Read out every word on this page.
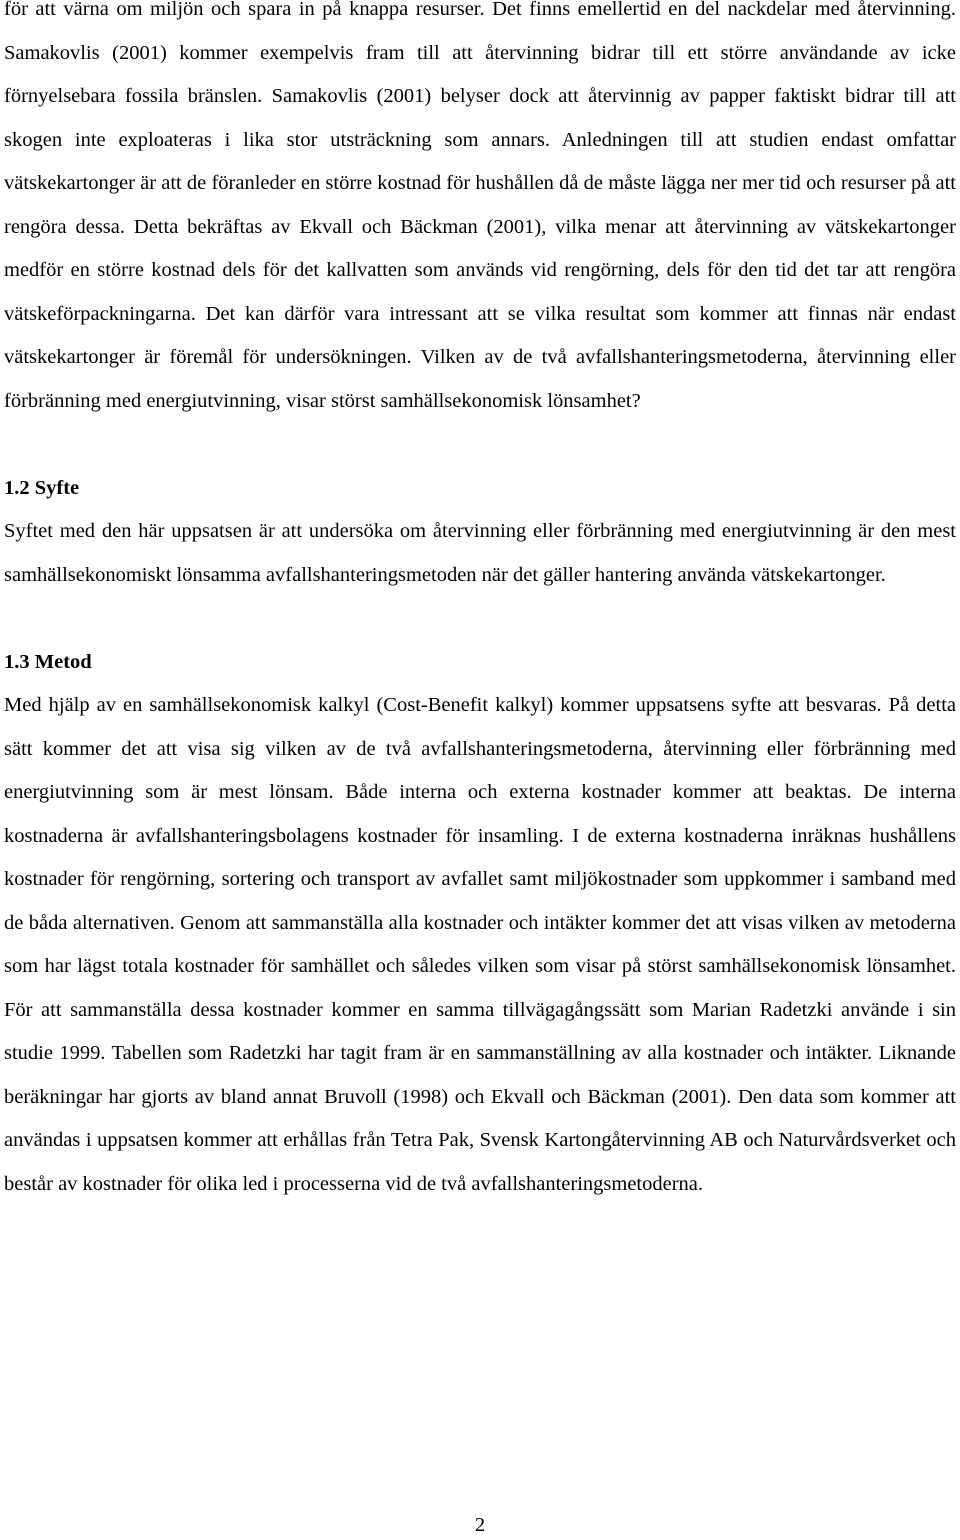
för att värna om miljön och spara in på knappa resurser. Det finns emellertid en del nackdelar med återvinning. Samakovlis (2001) kommer exempelvis fram till att återvinning bidrar till ett större användande av icke förnyelsebara fossila bränslen. Samakovlis (2001) belyser dock att återvinnig av papper faktiskt bidrar till att skogen inte exploateras i lika stor utsträckning som annars. Anledningen till att studien endast omfattar vätskekartonger är att de föranleder en större kostnad för hushållen då de måste lägga ner mer tid och resurser på att rengöra dessa. Detta bekräftas av Ekvall och Bäckman (2001), vilka menar att återvinning av vätskekartonger medför en större kostnad dels för det kallvatten som används vid rengörning, dels för den tid det tar att rengöra vätskeförpackningarna. Det kan därför vara intressant att se vilka resultat som kommer att finnas när endast vätskekartonger är föremål för undersökningen. Vilken av de två avfallshanteringsmetoderna, återvinning eller förbränning med energiutvinning, visar störst samhällsekonomisk lönsamhet?

1.2 Syfte

Syftet med den här uppsatsen är att undersöka om återvinning eller förbränning med energiutvinning är den mest samhällsekonomiskt lönsamma avfallshanteringsmetoden när det gäller hantering använda vätskekartonger.

1.3 Metod

Med hjälp av en samhällsekonomisk kalkyl (Cost-Benefit kalkyl) kommer uppsatsens syfte att besvaras. På detta sätt kommer det att visa sig vilken av de två avfallshanteringsmetoderna, återvinning eller förbränning med energiutvinning som är mest lönsam. Både interna och externa kostnader kommer att beaktas. De interna kostnaderna är avfallshanteringsbolagens kostnader för insamling. I de externa kostnaderna inräknas hushållens kostnader för rengörning, sortering och transport av avfallet samt miljökostnader som uppkommer i samband med de båda alternativen. Genom att sammanställa alla kostnader och intäkter kommer det att visas vilken av metoderna som har lägst totala kostnader för samhället och således vilken som visar på störst samhällsekonomisk lönsamhet. För att sammanställa dessa kostnader kommer en samma tillvägagångssätt som Marian Radetzki använde i sin studie 1999. Tabellen som Radetzki har tagit fram är en sammanställning av alla kostnader och intäkter. Liknande beräkningar har gjorts av bland annat Bruvoll (1998) och Ekvall och Bäckman (2001). Den data som kommer att användas i uppsatsen kommer att erhållas från Tetra Pak, Svensk Kartongåtervinning AB och Naturvårdsverket och består av kostnader för olika led i processerna vid de två avfallshanteringsmetoderna.

2
